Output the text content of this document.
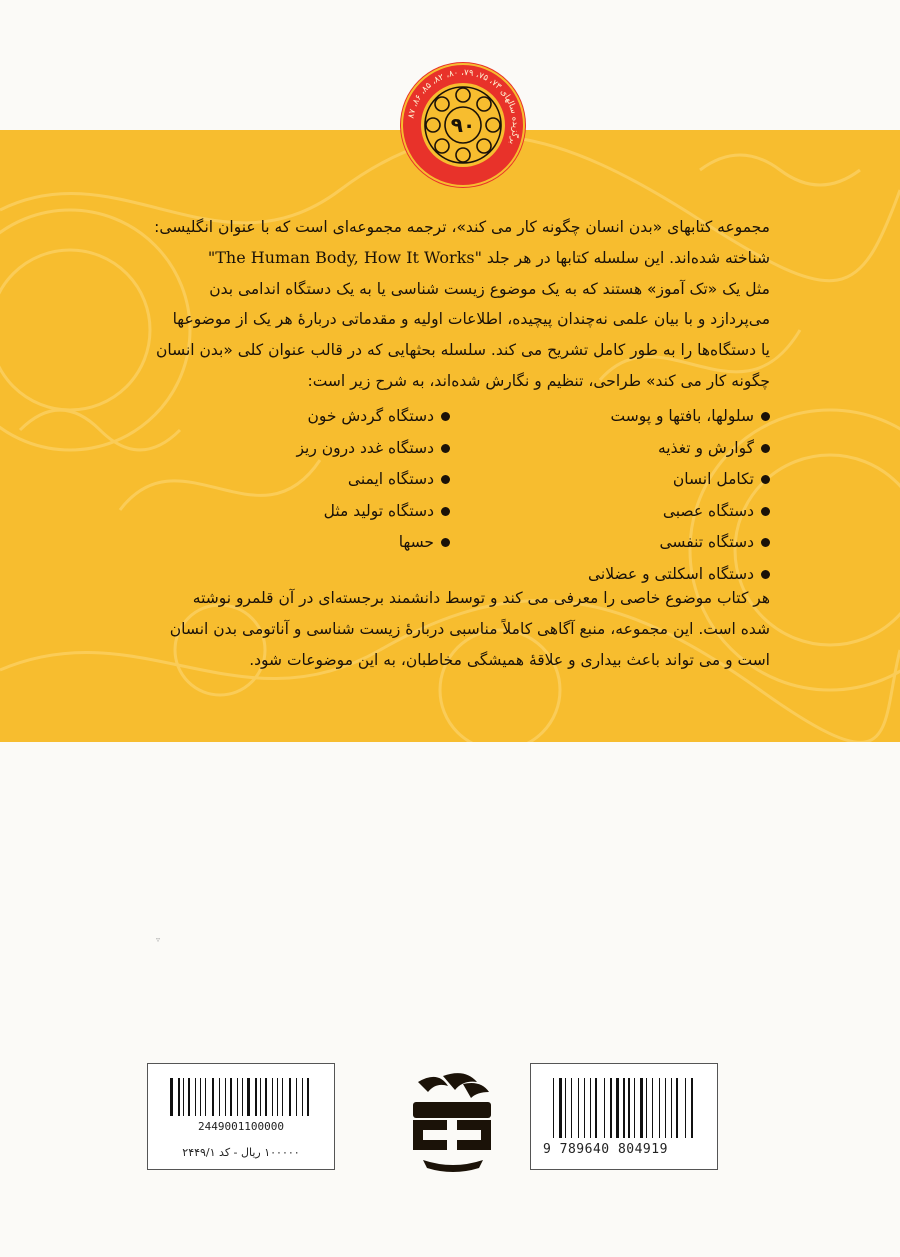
مجموعه کتابهای «بدن انسان چگونه کار می کند»، ترجمه مجموعه‌ای است که با عنوان انگلیسی:

شناخته شده‌اند. این سلسله کتابها در هر جلد "The Human Body, How It Works"

مثل یک «تک آموز» هستند که به یک موضوع زیست شناسی یا به یک دستگاه اندامی بدن

می‌پردازد و با بیان علمی نه‌چندان پیچیده، اطلاعات اولیه و مقدماتی دربارهٔ هر یک از موضوعها

یا دستگاه‌ها را به طور کامل تشریح می کند. سلسله بحثهایی که در قالب عنوان کلی «بدن انسان

چگونه کار می کند» طراحی، تنظیم و نگارش شده‌اند، به شرح زیر است:

سلولها، بافتها و پوست
گوارش و تغذیه
تکامل انسان
دستگاه عصبی
دستگاه تنفسی
دستگاه اسکلتی و عضلانی
دستگاه گردش خون
دستگاه غدد درون ریز
دستگاه ایمنی
دستگاه تولید مثل
حسها

هر کتاب موضوع خاصی را معرفی می کند و توسط دانشمند برجسته‌ای در آن قلمرو نوشته

شده است. این مجموعه، منبع آگاهی کاملاً مناسبی دربارهٔ زیست شناسی و آناتومی بدن انسان

است و می تواند باعث بیداری و علاقهٔ همیشگی مخاطبان، به این موضوعات شود.

برگزیده سالهای ۷۳، ۷۵، ۷۹، ۸۰، ۸۲، ۸۵، ۸۶، ۸۷
۹۰
▿
2449001100000
۱۰۰۰۰۰ ریال - کد ۲۴۴۹/۱	9 789640 804919
